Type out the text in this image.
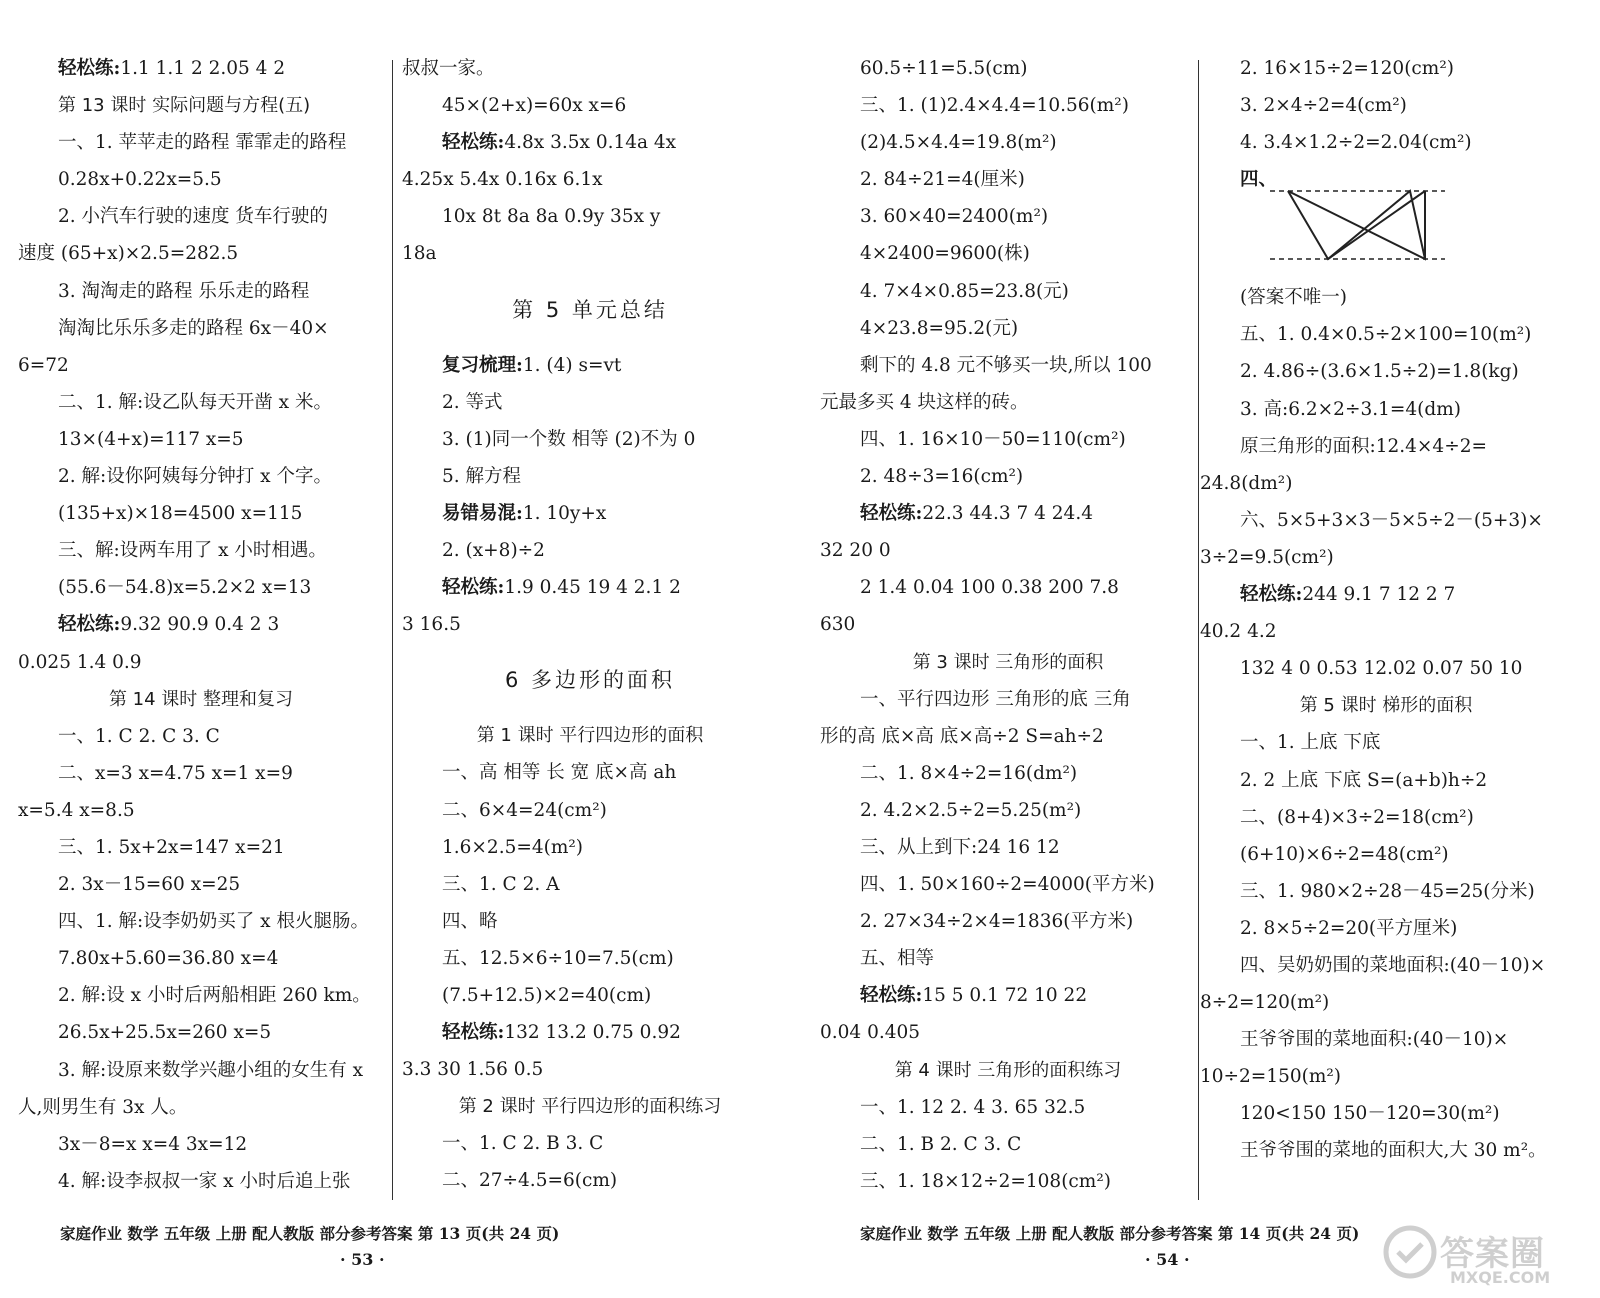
轻松练:1.1 1.1 2 2.05 4 2
第 13 课时 实际问题与方程(五)
一、1. 苹苹走的路程 霏霏走的路程
0.28x+0.22x=5.5
2. 小汽车行驶的速度 货车行驶的
速度 (65+x)×2.5=282.5
3. 淘淘走的路程 乐乐走的路程
淘淘比乐乐多走的路程 6x－40×
6=72
二、1. 解:设乙队每天开凿 x 米。
13×(4+x)=117 x=5
2. 解:设你阿姨每分钟打 x 个字。
(135+x)×18=4500 x=115
三、解:设两车用了 x 小时相遇。
(55.6－54.8)x=5.2×2 x=13
轻松练:9.32 90.9 0.4 2 3
0.025 1.4 0.9
第 14 课时 整理和复习
一、1. C 2. C 3. C
二、x=3 x=4.75 x=1 x=9
x=5.4 x=8.5
三、1. 5x+2x=147 x=21
2. 3x－15=60 x=25
四、1. 解:设李奶奶买了 x 根火腿肠。
7.80x+5.60=36.80 x=4
2. 解:设 x 小时后两船相距 260 km。
26.5x+25.5x=260 x=5
3. 解:设原来数学兴趣小组的女生有 x
人,则男生有 3x 人。
3x－8=x x=4 3x=12
4. 解:设李叔叔一家 x 小时后追上张
叔叔一家。
45×(2+x)=60x x=6
轻松练:4.8x 3.5x 0.14a 4x
4.25x 5.4x 0.16x 6.1x
10x 8t 8a 8a 0.9y 35x y
18a
第 5 单元总结
复习梳理:1. (4) s=vt
2. 等式
3. (1)同一个数 相等 (2)不为 0
5. 解方程
易错易混:1. 10y+x
2. (x+8)÷2
轻松练:1.9 0.45 19 4 2.1 2
3 16.5
6 多边形的面积
第 1 课时 平行四边形的面积
一、高 相等 长 宽 底×高 ah
二、6×4=24(cm²)
1.6×2.5=4(m²)
三、1. C 2. A
四、略
五、12.5×6÷10=7.5(cm)
(7.5+12.5)×2=40(cm)
轻松练:132 13.2 0.75 0.92
3.3 30 1.56 0.5
第 2 课时 平行四边形的面积练习
一、1. C 2. B 3. C
二、27÷4.5=6(cm)
60.5÷11=5.5(cm)
三、1. (1)2.4×4.4=10.56(m²)
(2)4.5×4.4=19.8(m²)
2. 84÷21=4(厘米)
3. 60×40=2400(m²)
4×2400=9600(株)
4. 7×4×0.85=23.8(元)
4×23.8=95.2(元)
剩下的 4.8 元不够买一块,所以 100
元最多买 4 块这样的砖。
四、1. 16×10－50=110(cm²)
2. 48÷3=16(cm²)
轻松练:22.3 44.3 7 4 24.4
32 20 0
2 1.4 0.04 100 0.38 200 7.8
630
第 3 课时 三角形的面积
一、平行四边形 三角形的底 三角
形的高 底×高 底×高÷2 S=ah÷2
二、1. 8×4÷2=16(dm²)
2. 4.2×2.5÷2=5.25(m²)
三、从上到下:24 16 12
四、1. 50×160÷2=4000(平方米)
2. 27×34÷2×4=1836(平方米)
五、相等
轻松练:15 5 0.1 72 10 22
0.04 0.405
第 4 课时 三角形的面积练习
一、1. 12 2. 4 3. 65 32.5
二、1. B 2. C 3. C
三、1. 18×12÷2=108(cm²)
2. 16×15÷2=120(cm²)
3. 2×4÷2=4(cm²)
4. 3.4×1.2÷2=2.04(cm²)
四、
(答案不唯一)
五、1. 0.4×0.5÷2×100=10(m²)
2. 4.86÷(3.6×1.5÷2)=1.8(kg)
3. 高:6.2×2÷3.1=4(dm)
原三角形的面积:12.4×4÷2=
24.8(dm²)
六、5×5+3×3－5×5÷2－(5+3)×
3÷2=9.5(cm²)
轻松练:244 9.1 7 12 2 7
40.2 4.2
132 4 0 0.53 12.02 0.07 50 10
第 5 课时 梯形的面积
一、1. 上底 下底
2. 2 上底 下底 S=(a+b)h÷2
二、(8+4)×3÷2=18(cm²)
(6+10)×6÷2=48(cm²)
三、1. 980×2÷28－45=25(分米)
2. 8×5÷2=20(平方厘米)
四、吴奶奶围的菜地面积:(40－10)×
8÷2=120(m²)
王爷爷围的菜地面积:(40－10)×
10÷2=150(m²)
120<150 150－120=30(m²)
王爷爷围的菜地的面积大,大 30 m²。
家庭作业 数学 五年级 上册 配人教版 部分参考答案 第 13 页(共 24 页)
· 53 ·
家庭作业 数学 五年级 上册 配人教版 部分参考答案 第 14 页(共 24 页)
· 54 ·	答案圈
MXQE.COM
